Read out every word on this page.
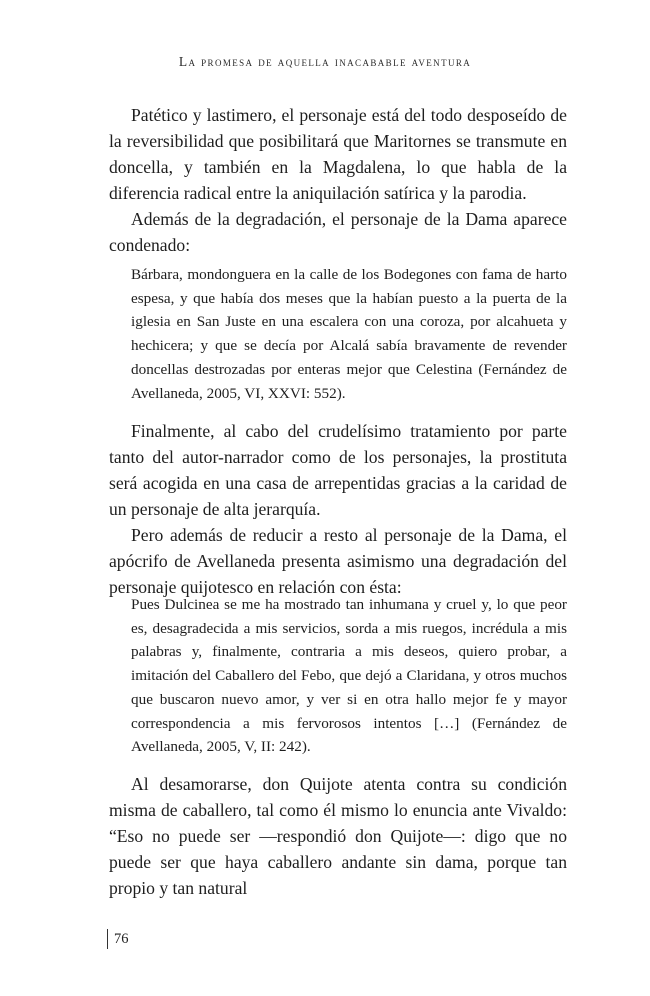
La promesa de aquella inacabable aventura

Patético y lastimero, el personaje está del todo desposeído de la reversibilidad que posibilitará que Maritornes se transmute en doncella, y también en la Magdalena, lo que habla de la diferencia radical entre la aniquilación satírica y la parodia.

Además de la degradación, el personaje de la Dama aparece condenado:

Bárbara, mondonguera en la calle de los Bodegones con fama de harto espesa, y que había dos meses que la habían puesto a la puerta de la iglesia en San Juste en una escalera con una coroza, por alcahueta y hechicera; y que se decía por Alcalá sabía bravamente de revender doncellas destrozadas por enteras mejor que Celestina (Fernández de Avellaneda, 2005, VI, XXVI: 552).

Finalmente, al cabo del crudelísimo tratamiento por parte tanto del autor-narrador como de los personajes, la prostituta será acogida en una casa de arrepentidas gracias a la caridad de un personaje de alta jerarquía.

Pero además de reducir a resto al personaje de la Dama, el apócrifo de Avellaneda presenta asimismo una degradación del personaje quijotesco en relación con ésta:

Pues Dulcinea se me ha mostrado tan inhumana y cruel y, lo que peor es, desagradecida a mis servicios, sorda a mis ruegos, incrédula a mis palabras y, finalmente, contraria a mis deseos, quiero probar, a imitación del Caballero del Febo, que dejó a Claridana, y otros muchos que buscaron nuevo amor, y ver si en otra hallo mejor fe y mayor correspondencia a mis fervorosos intentos […] (Fernández de Avellaneda, 2005, V, II: 242).

Al desamorarse, don Quijote atenta contra su condición misma de caballero, tal como él mismo lo enuncia ante Vivaldo: “Eso no puede ser —respondió don Quijote—: digo que no puede ser que haya caballero andante sin dama, porque tan propio y tan natural

76
